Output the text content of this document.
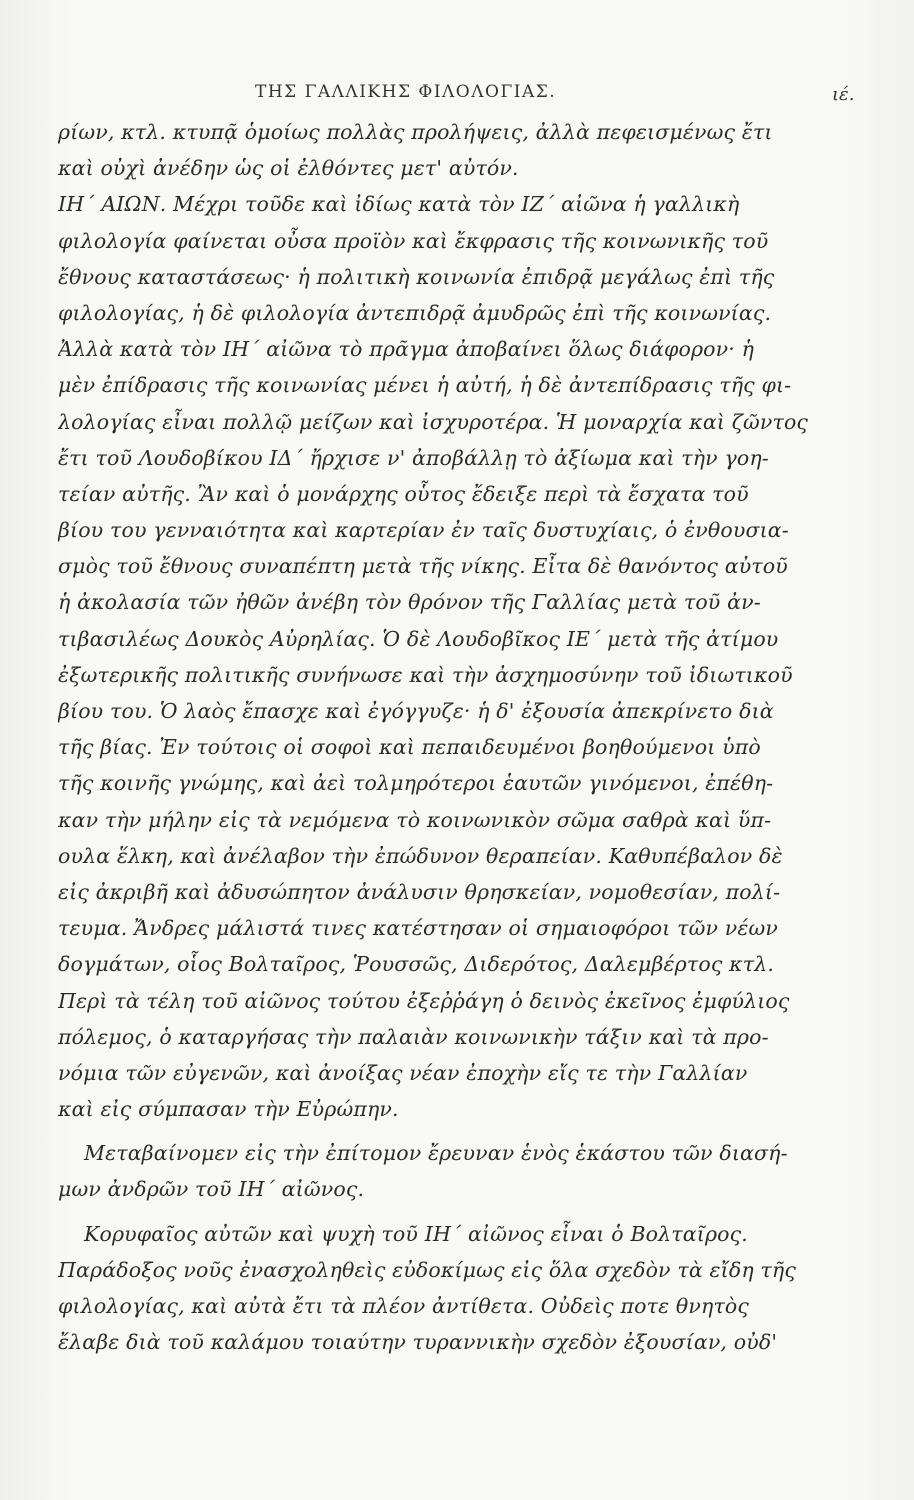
ΤΗΣ ΓΑΛΛΙΚΗΣ ΦΙΛΟΛΟΓΙΑΣ.	ιέ.
ρίων, κτλ. κτυπᾷ ὁμοίως πολλὰς προλήψεις, ἀλλὰ πεφεισμένως ἔτι
καὶ οὐχὶ ἀνέδην ὡς οἱ ἐλθόντες μετ' αὐτόν.
ΙΗ΄ ΑΙΩΝ. Μέχρι τοῦδε καὶ ἰδίως κατὰ τὸν ΙΖ΄ αἰῶνα ἡ γαλλικὴ
φιλολογία φαίνεται οὖσα προϊὸν καὶ ἔκφρασις τῆς κοινωνικῆς τοῦ
ἔθνους καταστάσεως· ἡ πολιτικὴ κοινωνία ἐπιδρᾷ μεγάλως ἐπὶ τῆς
φιλολογίας, ἡ δὲ φιλολογία ἀντεπιδρᾷ ἀμυδρῶς ἐπὶ τῆς κοινωνίας.
Ἀλλὰ κατὰ τὸν ΙΗ΄ αἰῶνα τὸ πρᾶγμα ἀποβαίνει ὅλως διάφορον· ἡ
μὲν ἐπίδρασις τῆς κοινωνίας μένει ἡ αὐτή, ἡ δὲ ἀντεπίδρασις τῆς φι-
λολογίας εἶναι πολλῷ μείζων καὶ ἰσχυροτέρα. Ἡ μοναρχία καὶ ζῶντος
ἔτι τοῦ Λουδοβίκου ΙΔ΄ ἤρχισε ν' ἀποβάλλῃ τὸ ἀξίωμα καὶ τὴν γοη-
τείαν αὐτῆς. Ἂν καὶ ὁ μονάρχης οὗτος ἔδειξε περὶ τὰ ἔσχατα τοῦ
βίου του γενναιότητα καὶ καρτερίαν ἐν ταῖς δυστυχίαις, ὁ ἐνθουσια-
σμὸς τοῦ ἔθνους συναπέπτη μετὰ τῆς νίκης. Εἶτα δὲ θανόντος αὐτοῦ
ἡ ἀκολασία τῶν ἠθῶν ἀνέβη τὸν θρόνον τῆς Γαλλίας μετὰ τοῦ ἀν-
τιβασιλέως Δουκὸς Αὐρηλίας. Ὁ δὲ Λουδοβῖκος ΙΕ΄ μετὰ τῆς ἀτίμου
ἐξωτερικῆς πολιτικῆς συνήνωσε καὶ τὴν ἀσχημοσύνην τοῦ ἰδιωτικοῦ
βίου του. Ὁ λαὸς ἔπασχε καὶ ἐγόγγυζε· ἡ δ' ἐξουσία ἀπεκρίνετο διὰ
τῆς βίας. Ἐν τούτοις οἱ σοφοὶ καὶ πεπαιδευμένοι βοηθούμενοι ὑπὸ
τῆς κοινῆς γνώμης, καὶ ἀεὶ τολμηρότεροι ἑαυτῶν γινόμενοι, ἐπέθη-
καν τὴν μήλην εἰς τὰ νεμόμενα τὸ κοινωνικὸν σῶμα σαθρὰ καὶ ὕπ-
ουλα ἕλκη, καὶ ἀνέλαβον τὴν ἐπώδυνον θεραπείαν. Καθυπέβαλον δὲ
εἰς ἀκριβῆ καὶ ἀδυσώπητον ἀνάλυσιν θρησκείαν, νομοθεσίαν, πολί-
τευμα. Ἄνδρες μάλιστά τινες κατέστησαν οἱ σημαιοφόροι τῶν νέων
δογμάτων, οἷος Βολταῖρος, Ῥουσσῶς, Διδερότος, Δαλεμβέρτος κτλ.
Περὶ τὰ τέλη τοῦ αἰῶνος τούτου ἐξεῤῥάγη ὁ δεινὸς ἐκεῖνος ἐμφύλιος
πόλεμος, ὁ καταργήσας τὴν παλαιὰν κοινωνικὴν τάξιν καὶ τὰ προ-
νόμια τῶν εὐγενῶν, καὶ ἀνοίξας νέαν ἐποχὴν εἴς τε τὴν Γαλλίαν
καὶ εἰς σύμπασαν τὴν Εὐρώπην.
Μεταβαίνομεν εἰς τὴν ἐπίτομον ἔρευναν ἑνὸς ἑκάστου τῶν διασή-
μων ἀνδρῶν τοῦ ΙΗ΄ αἰῶνος.
Κορυφαῖος αὐτῶν καὶ ψυχὴ τοῦ ΙΗ΄ αἰῶνος εἶναι ὁ Βολταῖρος.
Παράδοξος νοῦς ἐνασχοληθεὶς εὐδοκίμως εἰς ὅλα σχεδὸν τὰ εἴδη τῆς
φιλολογίας, καὶ αὐτὰ ἔτι τὰ πλέον ἀντίθετα. Οὐδεὶς ποτε θνητὸς
ἔλαβε διὰ τοῦ καλάμου τοιαύτην τυραννικὴν σχεδὸν ἐξουσίαν, οὐδ'
